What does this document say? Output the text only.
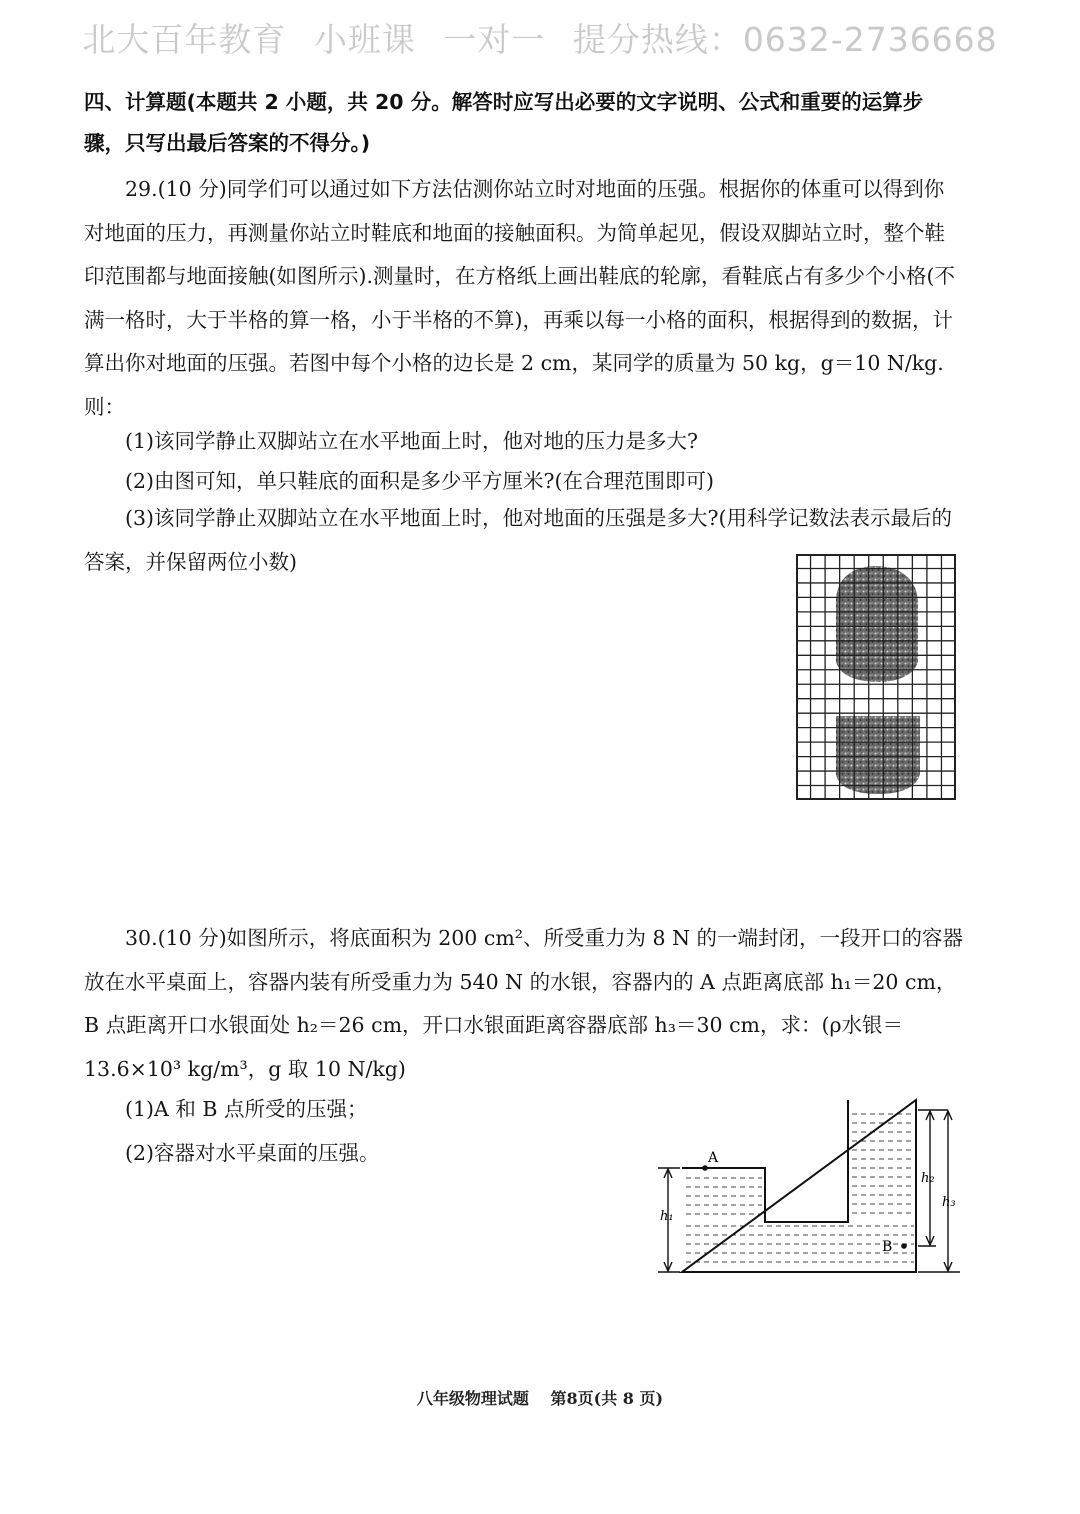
北大百年教育 小班课 一对一 提分热线：0632-2736668
四、计算题(本题共 2 小题，共 20 分。解答时应写出必要的文字说明、公式和重要的运算步骤，只写出最后答案的不得分。)
29.(10 分)同学们可以通过如下方法估测你站立时对地面的压强。根据你的体重可以得到你对地面的压力，再测量你站立时鞋底和地面的接触面积。为简单起见，假设双脚站立时，整个鞋印范围都与地面接触(如图所示).测量时，在方格纸上画出鞋底的轮廓，看鞋底占有多少个小格(不满一格时，大于半格的算一格，小于半格的不算)，再乘以每一小格的面积，根据得到的数据，计算出你对地面的压强。若图中每个小格的边长是 2 cm，某同学的质量为 50 kg，g＝10 N/kg.则：
(1)该同学静止双脚站立在水平地面上时，他对地的压力是多大?
(2)由图可知，单只鞋底的面积是多少平方厘米?(在合理范围即可)
(3)该同学静止双脚站立在水平地面上时，他对地面的压强是多大?(用科学记数法表示最后的答案，并保留两位小数)
30.(10 分)如图所示，将底面积为 200 cm²、所受重力为 8 N 的一端封闭，一段开口的容器放在水平桌面上，容器内装有所受重力为 540 N 的水银，容器内的 A 点距离底部 h₁＝20 cm，B 点距离开口水银面处 h₂＝26 cm，开口水银面距离容器底部 h₃＝30 cm，求：(ρ水银＝13.6×10³ kg/m³，g 取 10 N/kg)
(1)A 和 B 点所受的压强；
(2)容器对水平桌面的压强。	A
B
h₁
h₂
h₃
八年级物理试题 第8页(共 8 页)
